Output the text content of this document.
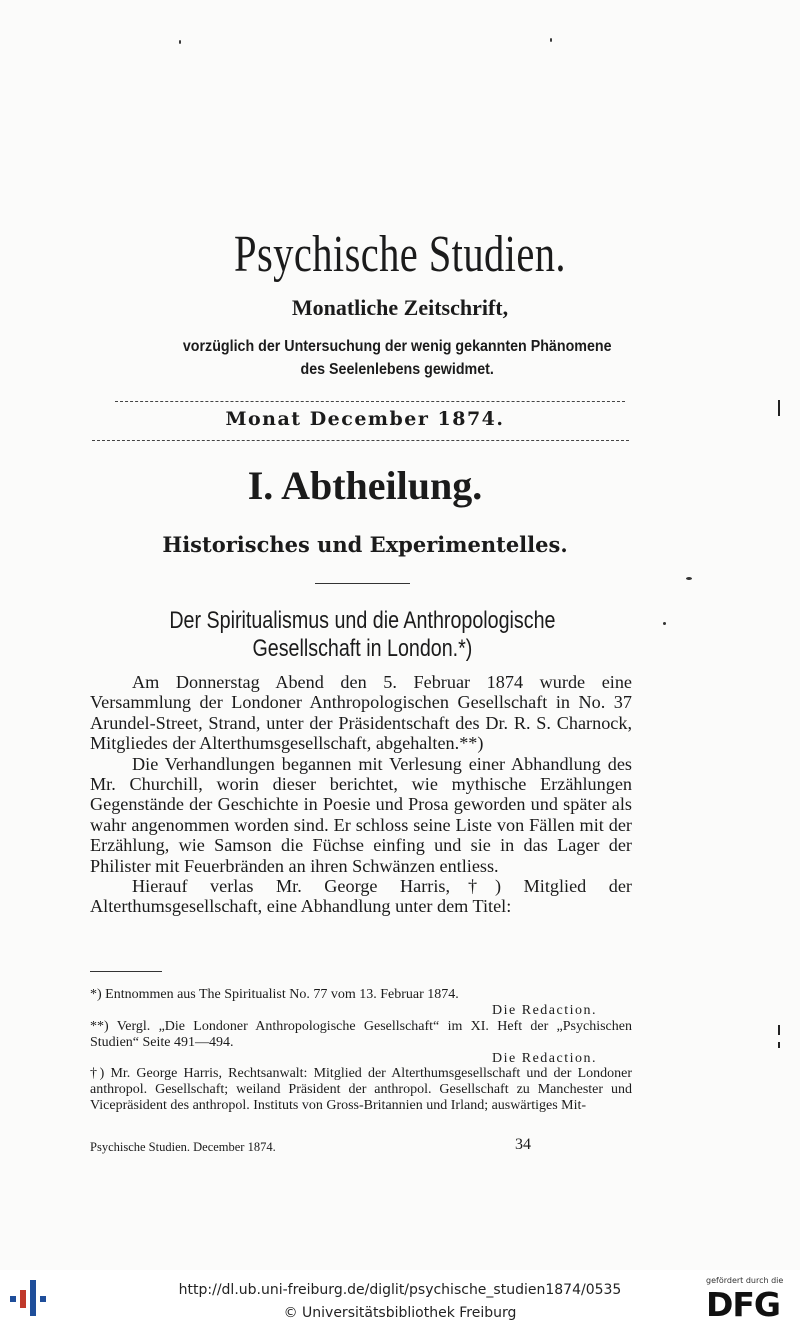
Psychische Studien.
Monatliche Zeitschrift,
vorzüglich der Untersuchung der wenig gekannten Phänomene
des Seelenlebens gewidmet.
Monat December 1874.
I. Abtheilung.
Historisches und Experimentelles.
Der Spiritualismus und die Anthropologische
Gesellschaft in London.*)

Am Donnerstag Abend den 5. Februar 1874 wurde eine Versammlung der Londoner Anthropologischen Gesellschaft in No. 37 Arundel-Street, Strand, unter der Präsidentschaft des Dr. R. S. Charnock, Mitgliedes der Alterthumsgesellschaft, abgehalten.**)

Die Verhandlungen begannen mit Verlesung einer Abhandlung des Mr. Churchill, worin dieser berichtet, wie mythische Erzählungen Gegenstände der Geschichte in Poesie und Prosa geworden und später als wahr angenommen worden sind. Er schloss seine Liste von Fällen mit der Erzählung, wie Samson die Füchse einfing und sie in das Lager der Philister mit Feuerbränden an ihren Schwänzen entliess.

Hierauf verlas Mr. George Harris,†) Mitglied der Alterthumsgesellschaft, eine Abhandlung unter dem Titel:

*) Entnommen aus The Spiritualist No. 77 vom 13. Februar 1874.
Die Redaction.
**) Vergl. „Die Londoner Anthropologische Gesellschaft“ im XI. Heft der „Psychischen Studien“ Seite 491—494.
Die Redaction.
†) Mr. George Harris, Rechtsanwalt: Mitglied der Alterthumsgesellschaft und der Londoner anthropol. Gesellschaft; weiland Präsident der anthropol. Gesellschaft zu Manchester und Vicepräsident des anthropol. Instituts von Gross-Britannien und Irland; auswärtiges Mit-
Psychische Studien. December 1874.	34
http://dl.ub.uni-freiburg.de/diglit/psychische_studien1874/0535
© Universitätsbibliothek Freiburg
gefördert durch die
DFG
